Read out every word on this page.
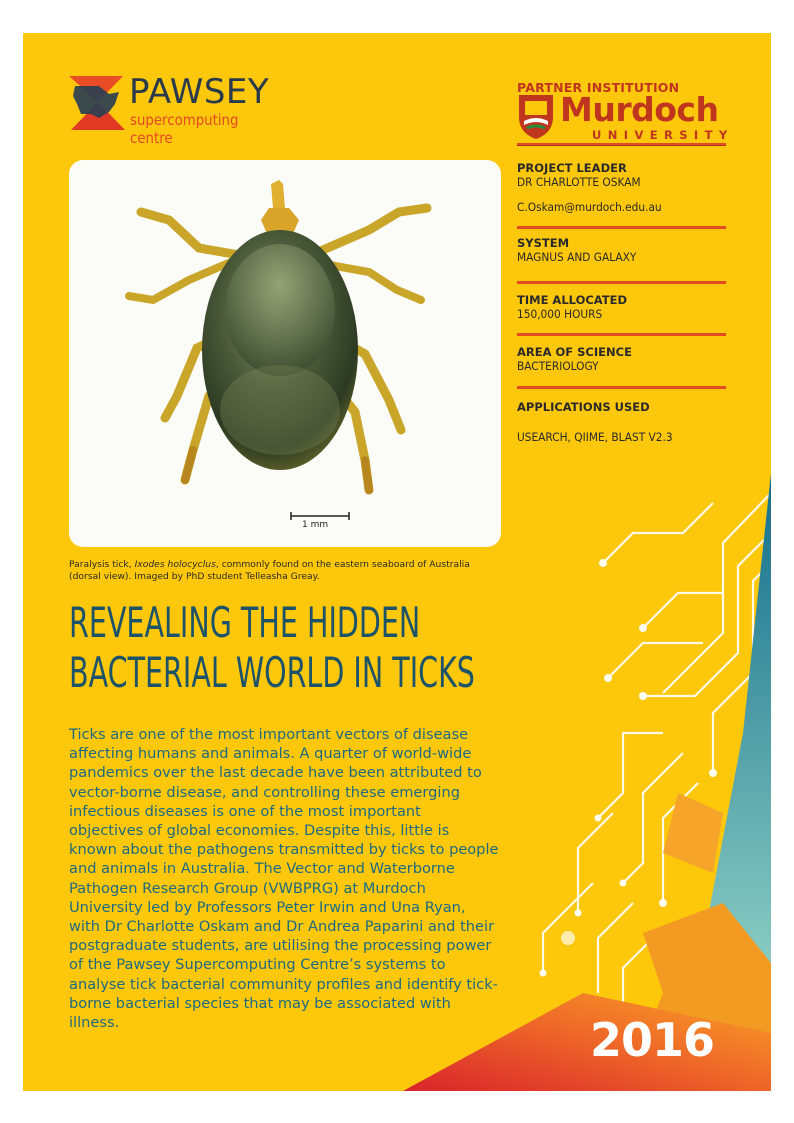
PAWSEY
supercomputing centre
PARTNER INSTITUTION
Murdoch
UNIVERSITY
PROJECT LEADER
DR CHARLOTTE OSKAM
C.Oskam@murdoch.edu.au
SYSTEM
MAGNUS AND GALAXY
TIME ALLOCATED
150,000 HOURS
AREA OF SCIENCE
BACTERIOLOGY
APPLICATIONS USED
USEARCH, QIIME, BLAST V2.3
1 mm
Paralysis tick, Ixodes holocyclus, commonly found on the eastern seaboard of Australia (dorsal view). Imaged by PhD student Telleasha Greay.
REVEALING THE HIDDEN
BACTERIAL WORLD IN TICKS
Ticks are one of the most important vectors of disease affecting humans and animals. A quarter of world-wide pandemics over the last decade have been attributed to vector-borne disease, and controlling these emerging infectious diseases is one of the most important objectives of global economies. Despite this, little is known about the pathogens transmitted by ticks to people and animals in Australia. The Vector and Waterborne Pathogen Research Group (VWBPRG) at Murdoch University led by Professors Peter Irwin and Una Ryan, with Dr Charlotte Oskam and Dr Andrea Paparini and their postgraduate students, are utilising the processing power of the Pawsey Supercomputing Centre’s systems to analyse tick bacterial community profiles and identify tick-borne bacterial species that may be associated with illness.	2016
